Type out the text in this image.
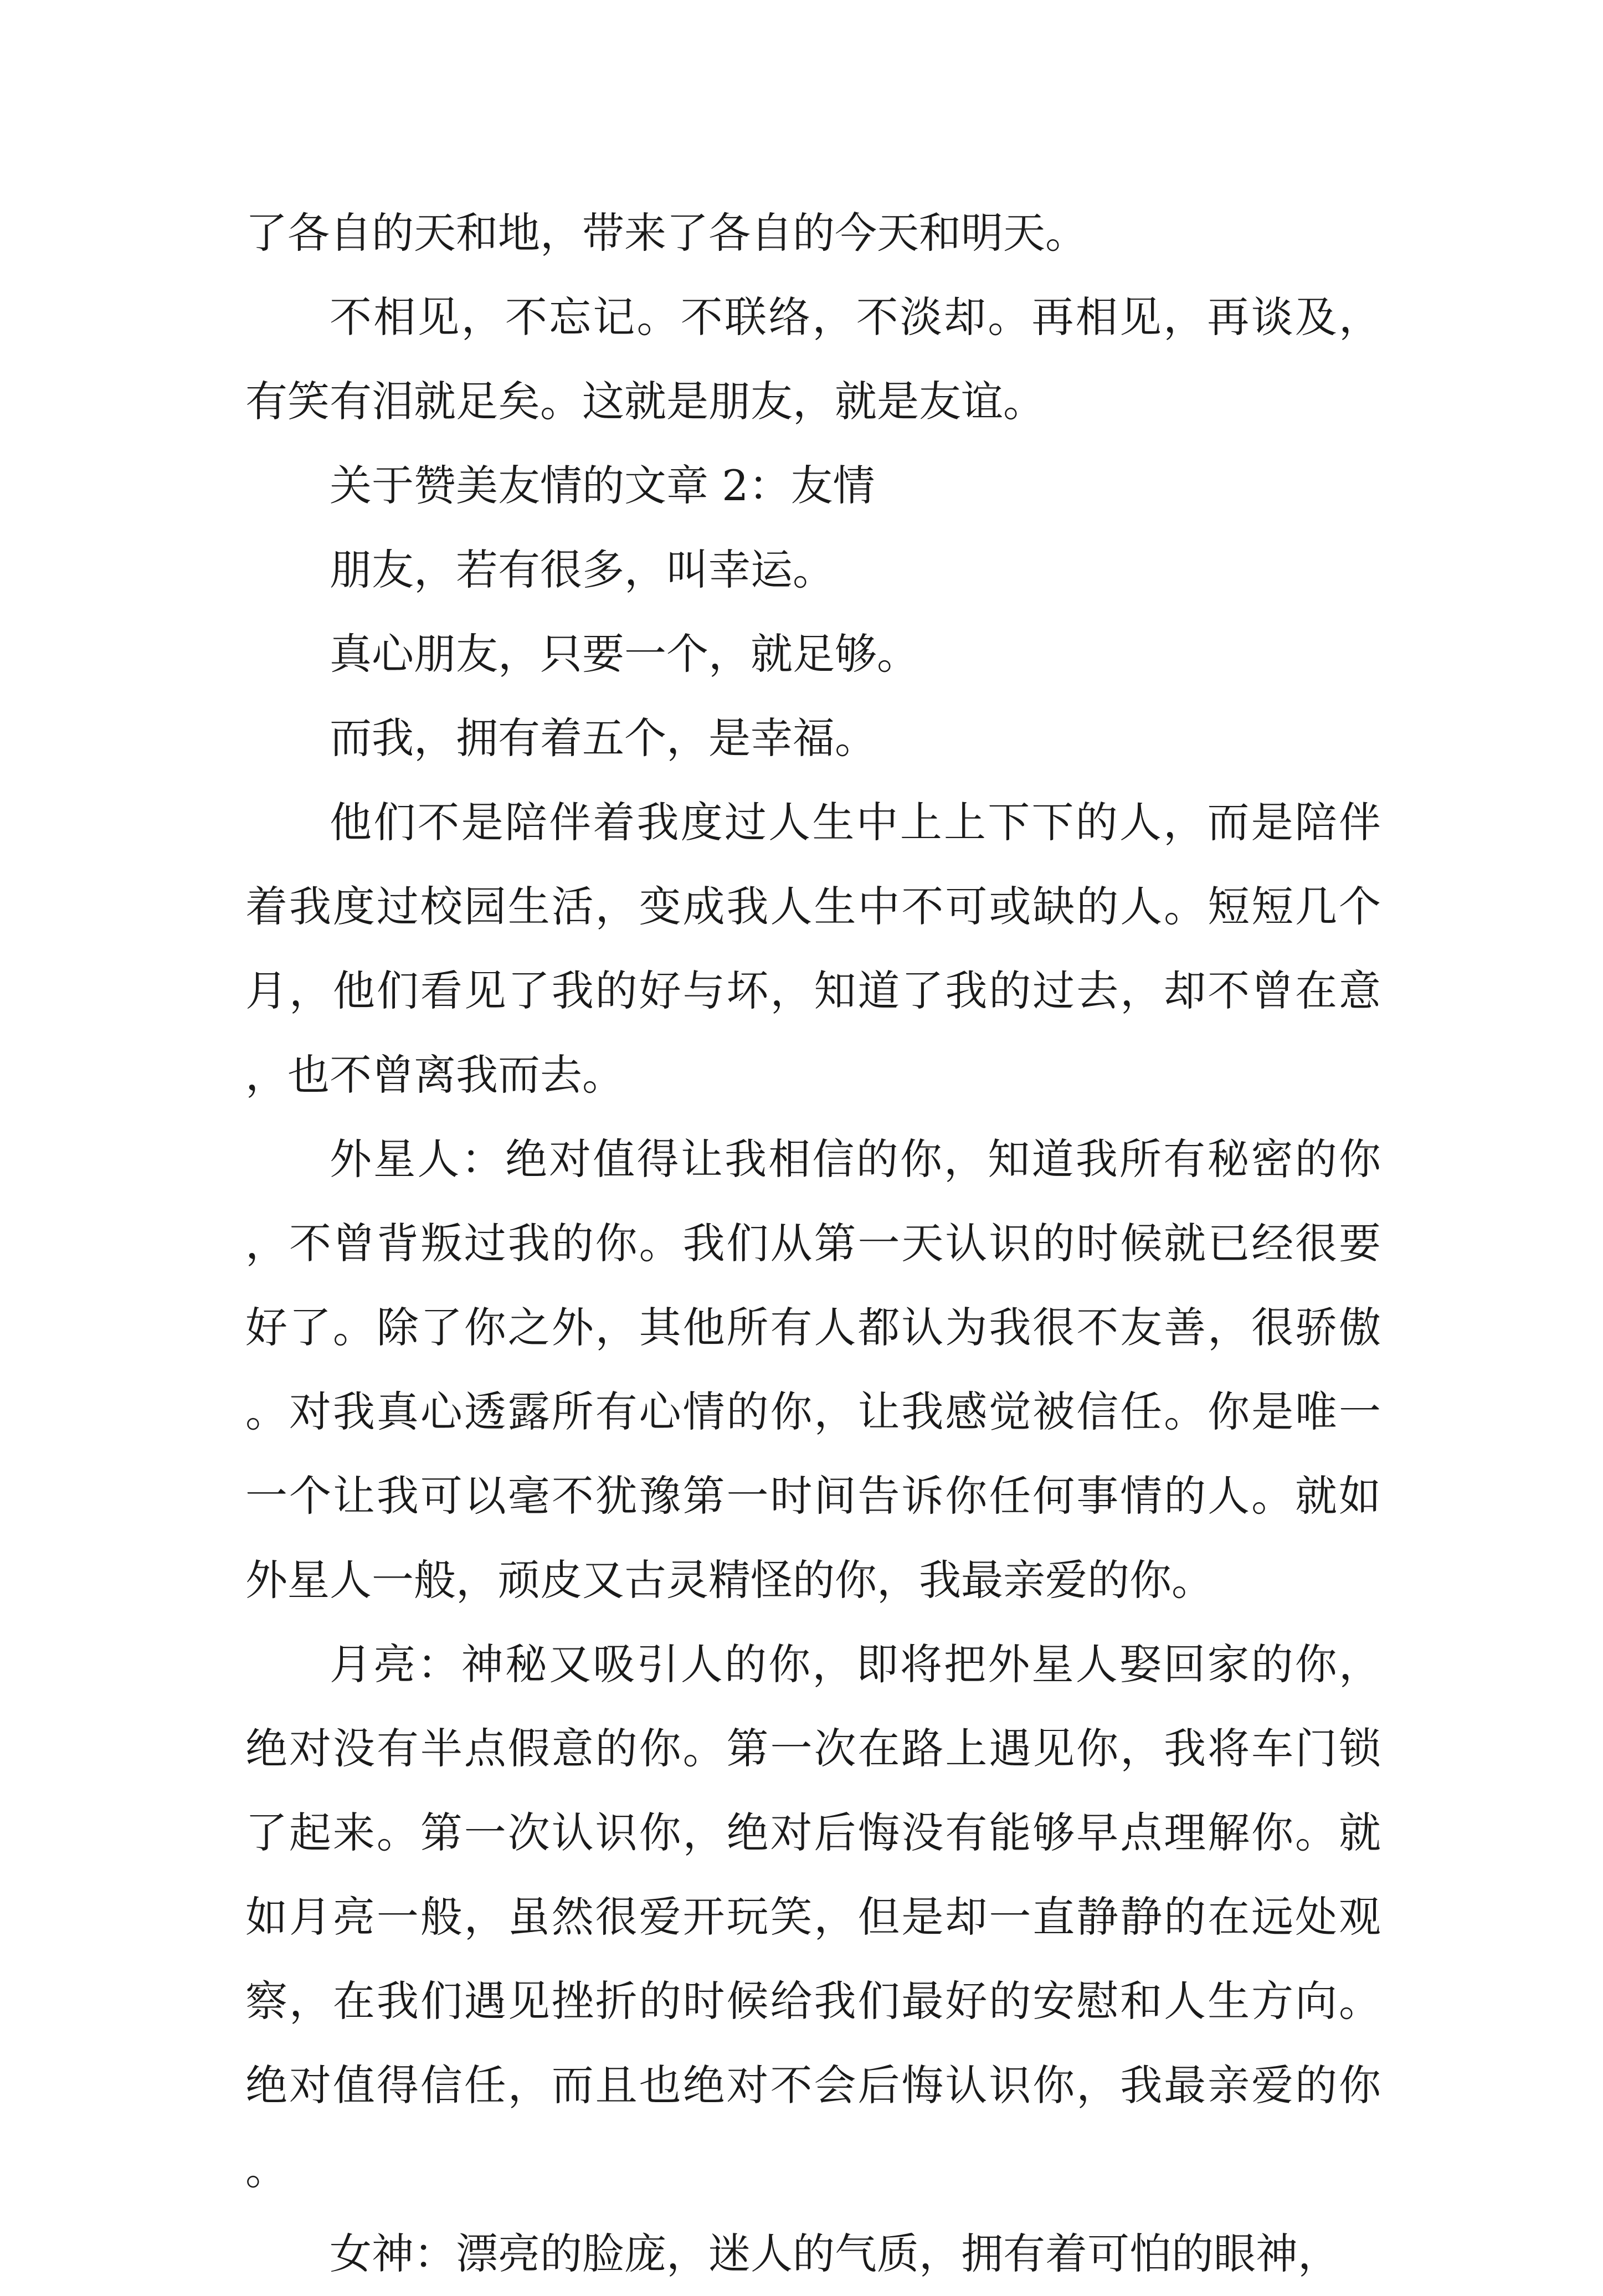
了各自的天和地，带来了各自的今天和明天。

不相见，不忘记。不联络，不淡却。再相见，再谈及，有笑有泪就足矣。这就是朋友，就是友谊。

关于赞美友情的文章 2：友情

朋友，若有很多，叫幸运。

真心朋友，只要一个，就足够。

而我，拥有着五个，是幸福。

他们不是陪伴着我度过人生中上上下下的人，而是陪伴着我度过校园生活，变成我人生中不可或缺的人。短短几个月，他们看见了我的好与坏，知道了我的过去，却不曾在意，也不曾离我而去。

外星人：绝对值得让我相信的你，知道我所有秘密的你，不曾背叛过我的你。我们从第一天认识的时候就已经很要好了。除了你之外，其他所有人都认为我很不友善，很骄傲。对我真心透露所有心情的你，让我感觉被信任。你是唯一一个让我可以毫不犹豫第一时间告诉你任何事情的人。就如外星人一般，顽皮又古灵精怪的你，我最亲爱的你。

月亮：神秘又吸引人的你，即将把外星人娶回家的你，绝对没有半点假意的你。第一次在路上遇见你，我将车门锁了起来。第一次认识你，绝对后悔没有能够早点理解你。就如月亮一般，虽然很爱开玩笑，但是却一直静静的在远处观察，在我们遇见挫折的时候给我们最好的安慰和人生方向。绝对值得信任，而且也绝对不会后悔认识你，我最亲爱的你。

女神：漂亮的脸庞，迷人的气质，拥有着可怕的眼神，
